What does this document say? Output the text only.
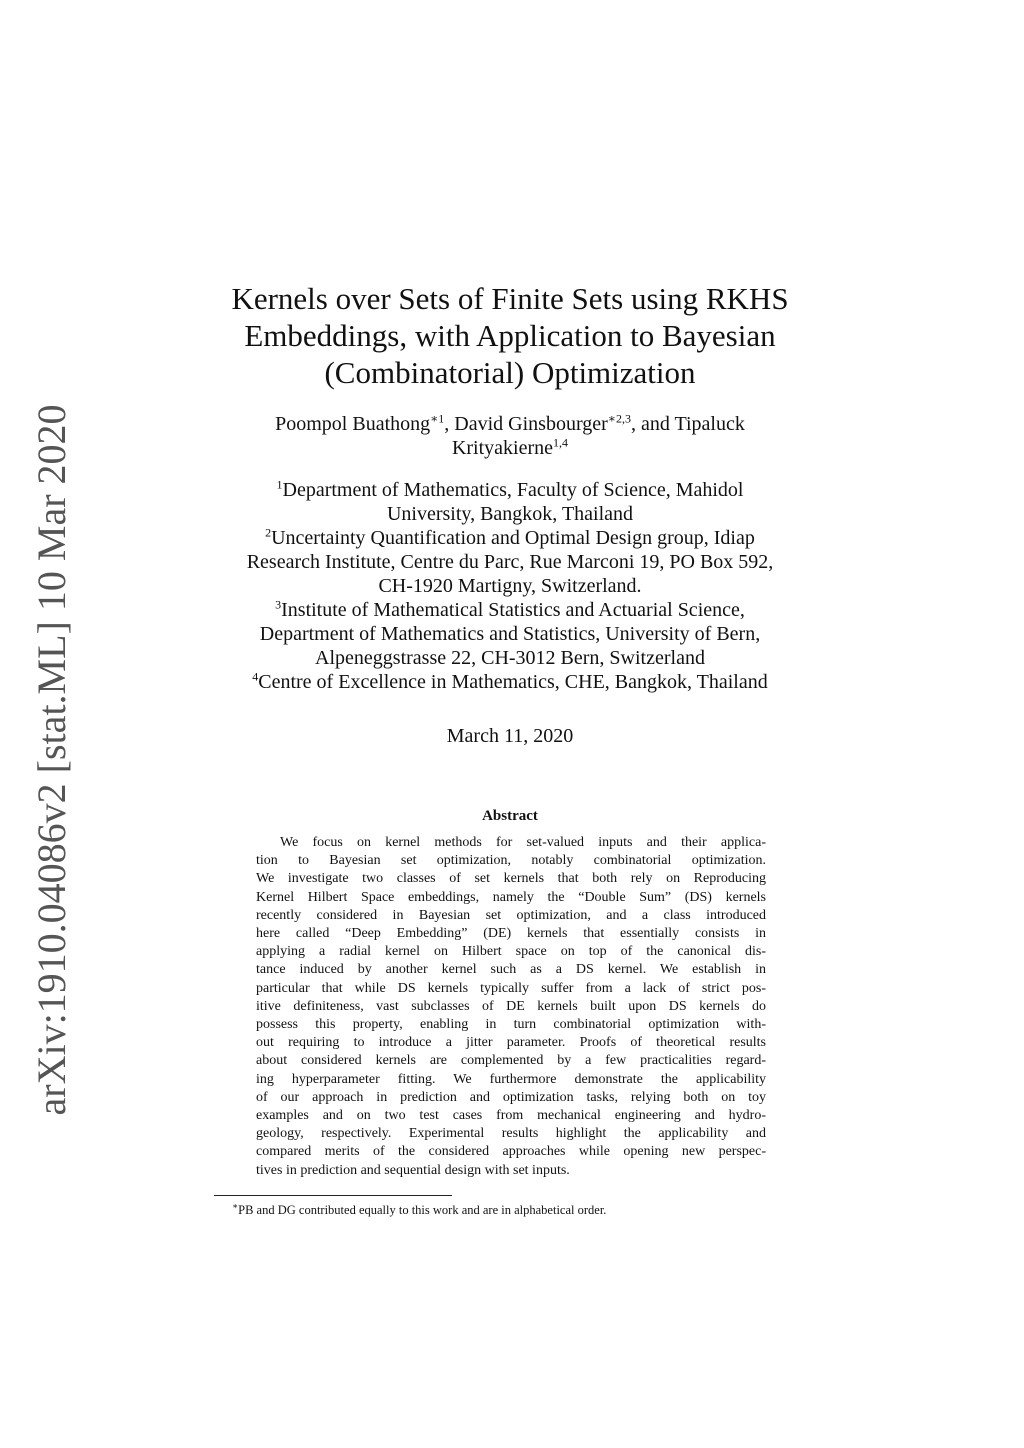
arXiv:1910.04086v2 [stat.ML] 10 Mar 2020
Kernels over Sets of Finite Sets using RKHS
Embeddings, with Application to Bayesian
(Combinatorial) Optimization
Poompol Buathong$^{∗1}$, David Ginsbourger$^{∗2,3}$, and Tipaluck
Krityakierne$^{1,4}$
$^1$Department of Mathematics, Faculty of Science, Mahidol
University, Bangkok, Thailand
$^2$Uncertainty Quantification and Optimal Design group, Idiap
Research Institute, Centre du Parc, Rue Marconi 19, PO Box 592,
CH-1920 Martigny, Switzerland.
$^3$Institute of Mathematical Statistics and Actuarial Science,
Department of Mathematics and Statistics, University of Bern,
Alpeneggstrasse 22, CH-3012 Bern, Switzerland
$^4$Centre of Excellence in Mathematics, CHE, Bangkok, Thailand
March 11, 2020
Abstract
We focus on kernel methods for set-valued inputs and their applica-
tion to Bayesian set optimization, notably combinatorial optimization.
We investigate two classes of set kernels that both rely on Reproducing
Kernel Hilbert Space embeddings, namely the “Double Sum” (DS) kernels
recently considered in Bayesian set optimization, and a class introduced
here called “Deep Embedding” (DE) kernels that essentially consists in
applying a radial kernel on Hilbert space on top of the canonical dis-
tance induced by another kernel such as a DS kernel. We establish in
particular that while DS kernels typically suffer from a lack of strict pos-
itive definiteness, vast subclasses of DE kernels built upon DS kernels do
possess this property, enabling in turn combinatorial optimization with-
out requiring to introduce a jitter parameter. Proofs of theoretical results
about considered kernels are complemented by a few practicalities regard-
ing hyperparameter fitting. We furthermore demonstrate the applicability
of our approach in prediction and optimization tasks, relying both on toy
examples and on two test cases from mechanical engineering and hydro-
geology, respectively. Experimental results highlight the applicability and
compared merits of the considered approaches while opening new perspec-
tives in prediction and sequential design with set inputs.
∗PB and DG contributed equally to this work and are in alphabetical order.
